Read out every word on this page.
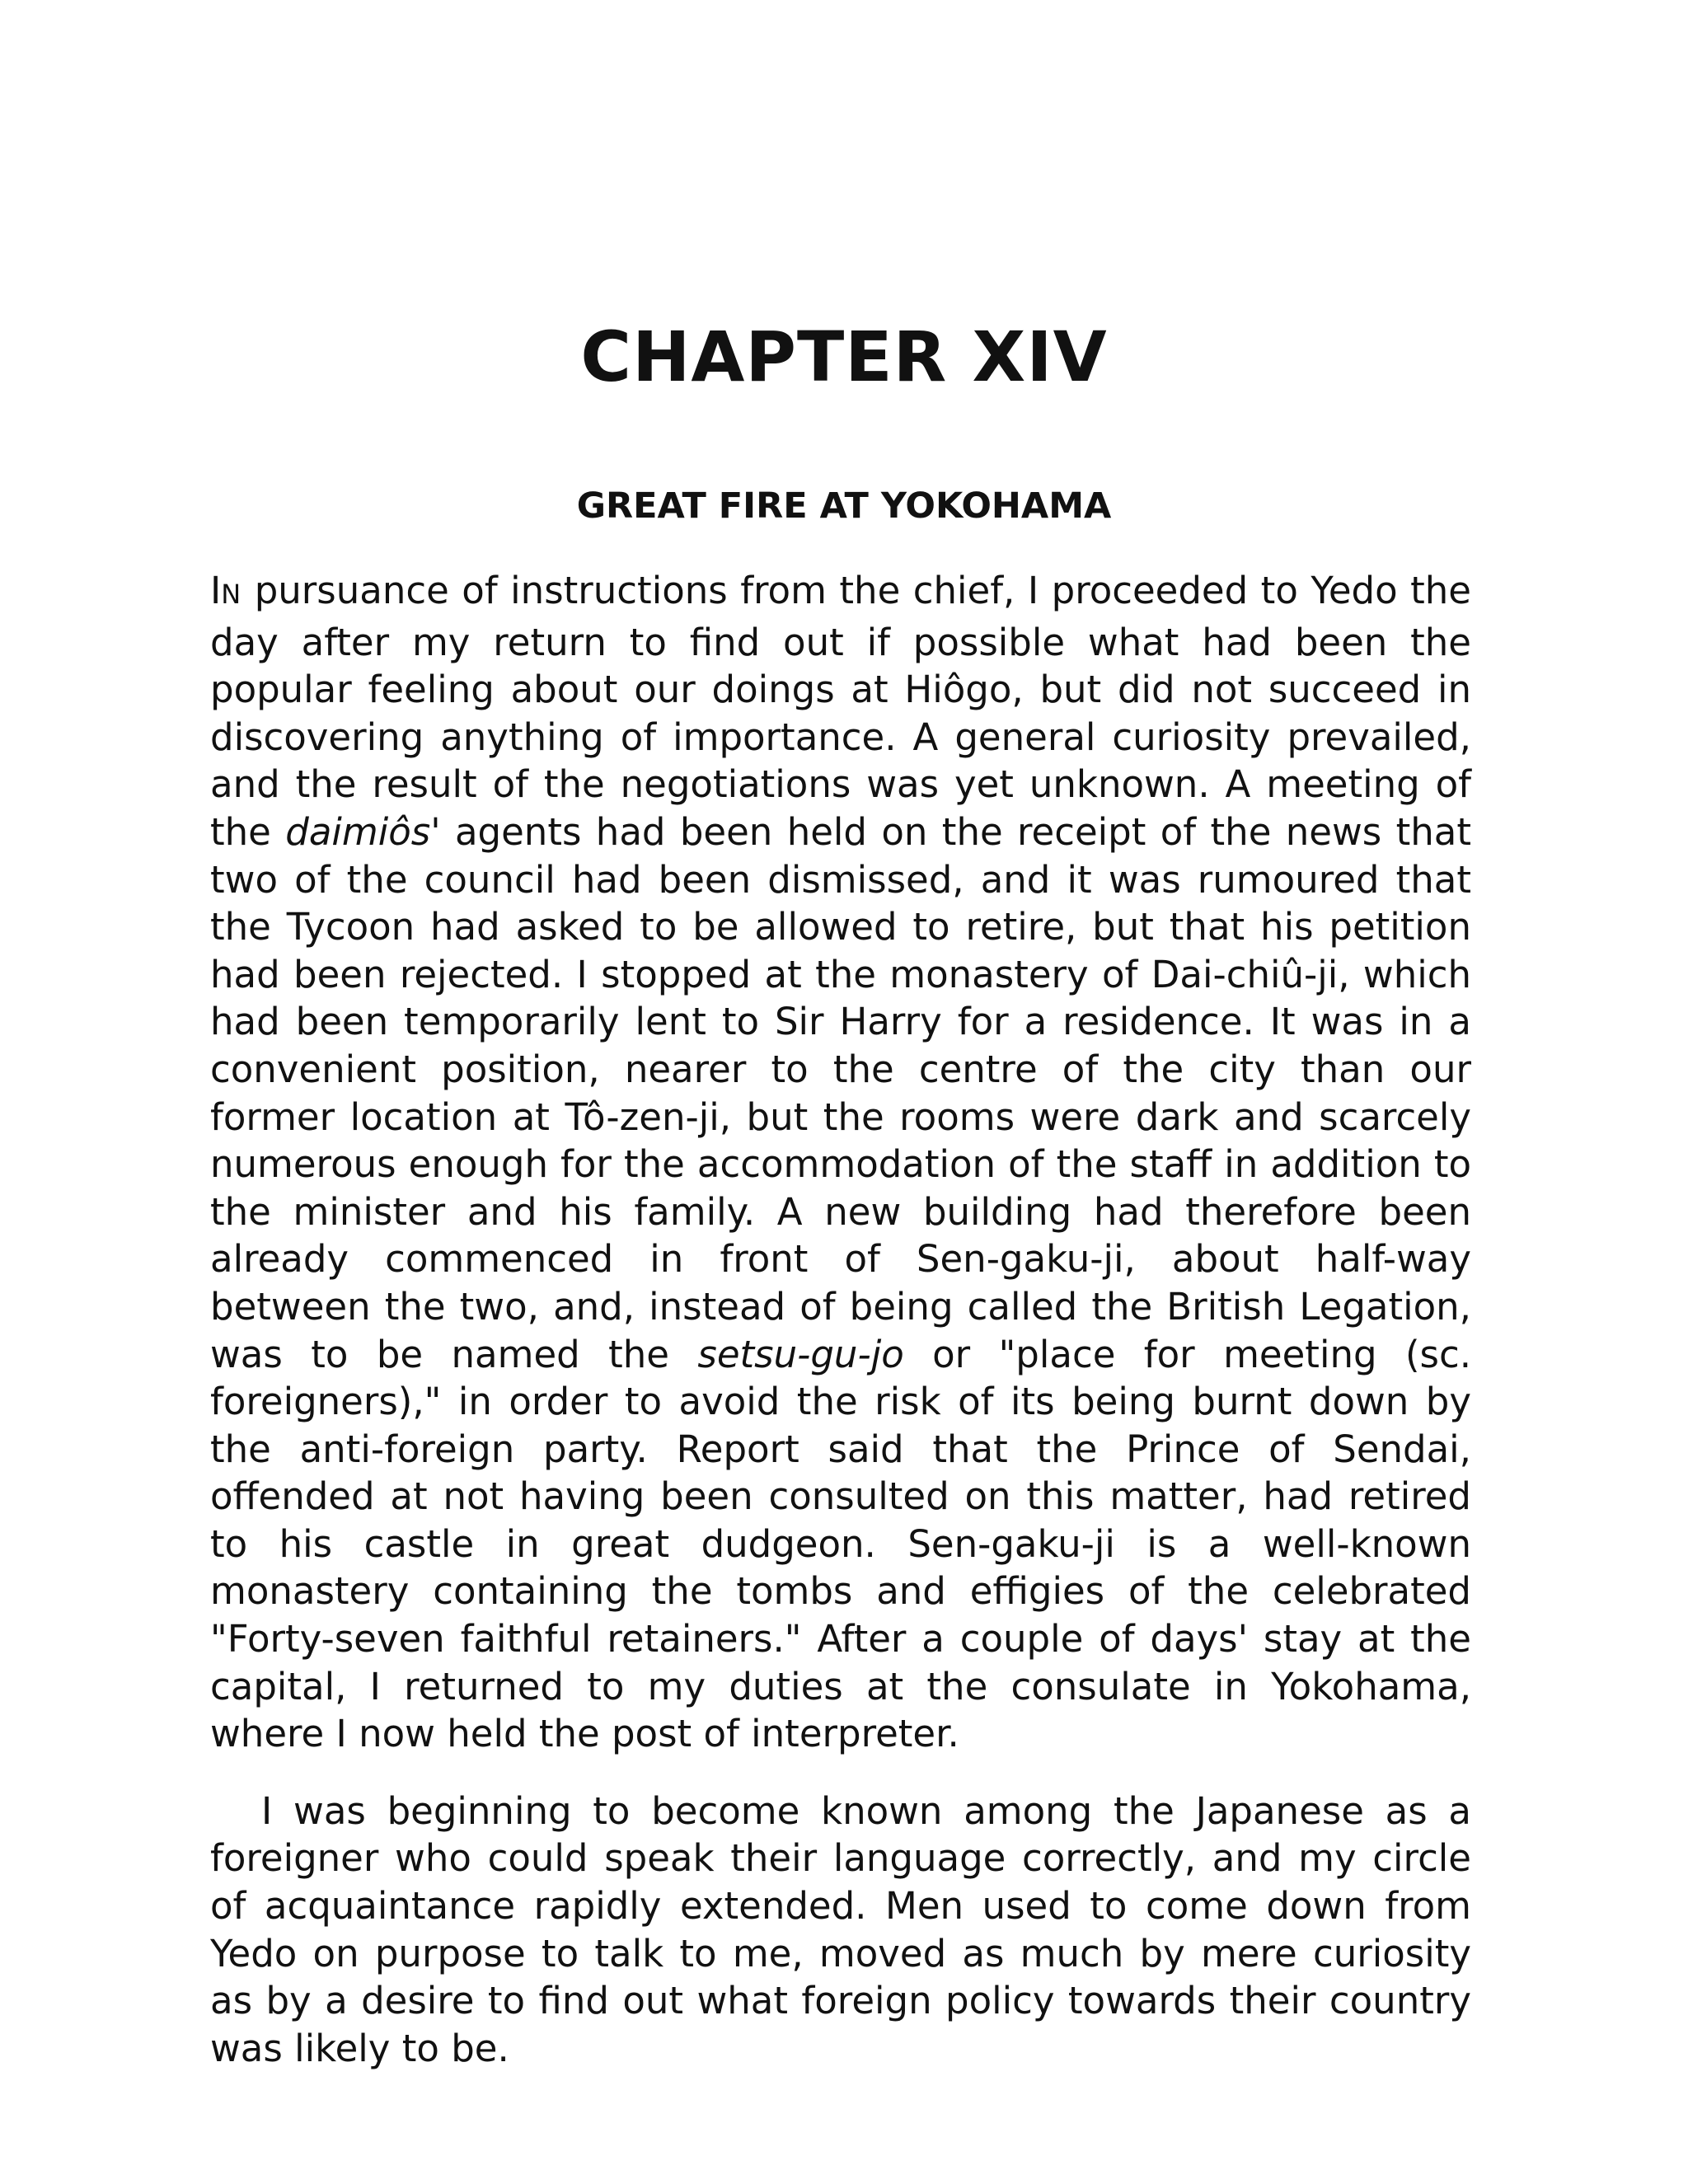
CHAPTER XIV
GREAT FIRE AT YOKOHAMA

IN pursuance of instructions from the chief, I proceeded to Yedo the day after my return to find out if possible what had been the popular feeling about our doings at Hiôgo, but did not succeed in discovering anything of importance. A general curiosity prevailed, and the result of the negotiations was yet unknown. A meeting of the daimiôs' agents had been held on the receipt of the news that two of the council had been dismissed, and it was rumoured that the Tycoon had asked to be allowed to retire, but that his petition had been rejected. I stopped at the monastery of Dai-chiû-ji, which had been temporarily lent to Sir Harry for a residence. It was in a convenient position, nearer to the centre of the city than our former location at Tô-zen-ji, but the rooms were dark and scarcely numerous enough for the accommodation of the staff in addition to the minister and his family. A new building had therefore been already commenced in front of Sen-gaku-ji, about half-way between the two, and, instead of being called the British Legation, was to be named the setsu-gu-jo or "place for meeting (sc. foreigners)," in order to avoid the risk of its being burnt down by the anti-foreign party. Report said that the Prince of Sendai, offended at not having been consulted on this matter, had retired to his castle in great dudgeon. Sen-gaku-ji is a well-known monastery containing the tombs and effigies of the celebrated "Forty-seven faithful retainers." After a couple of days' stay at the capital, I returned to my duties at the consulate in Yokohama, where I now held the post of interpreter.

I was beginning to become known among the Japanese as a foreigner who could speak their language correctly, and my circle of acquaintance rapidly extended. Men used to come down from Yedo on purpose to talk to me, moved as much by mere curiosity as by a desire to find out what foreign policy towards their country was likely to be.
